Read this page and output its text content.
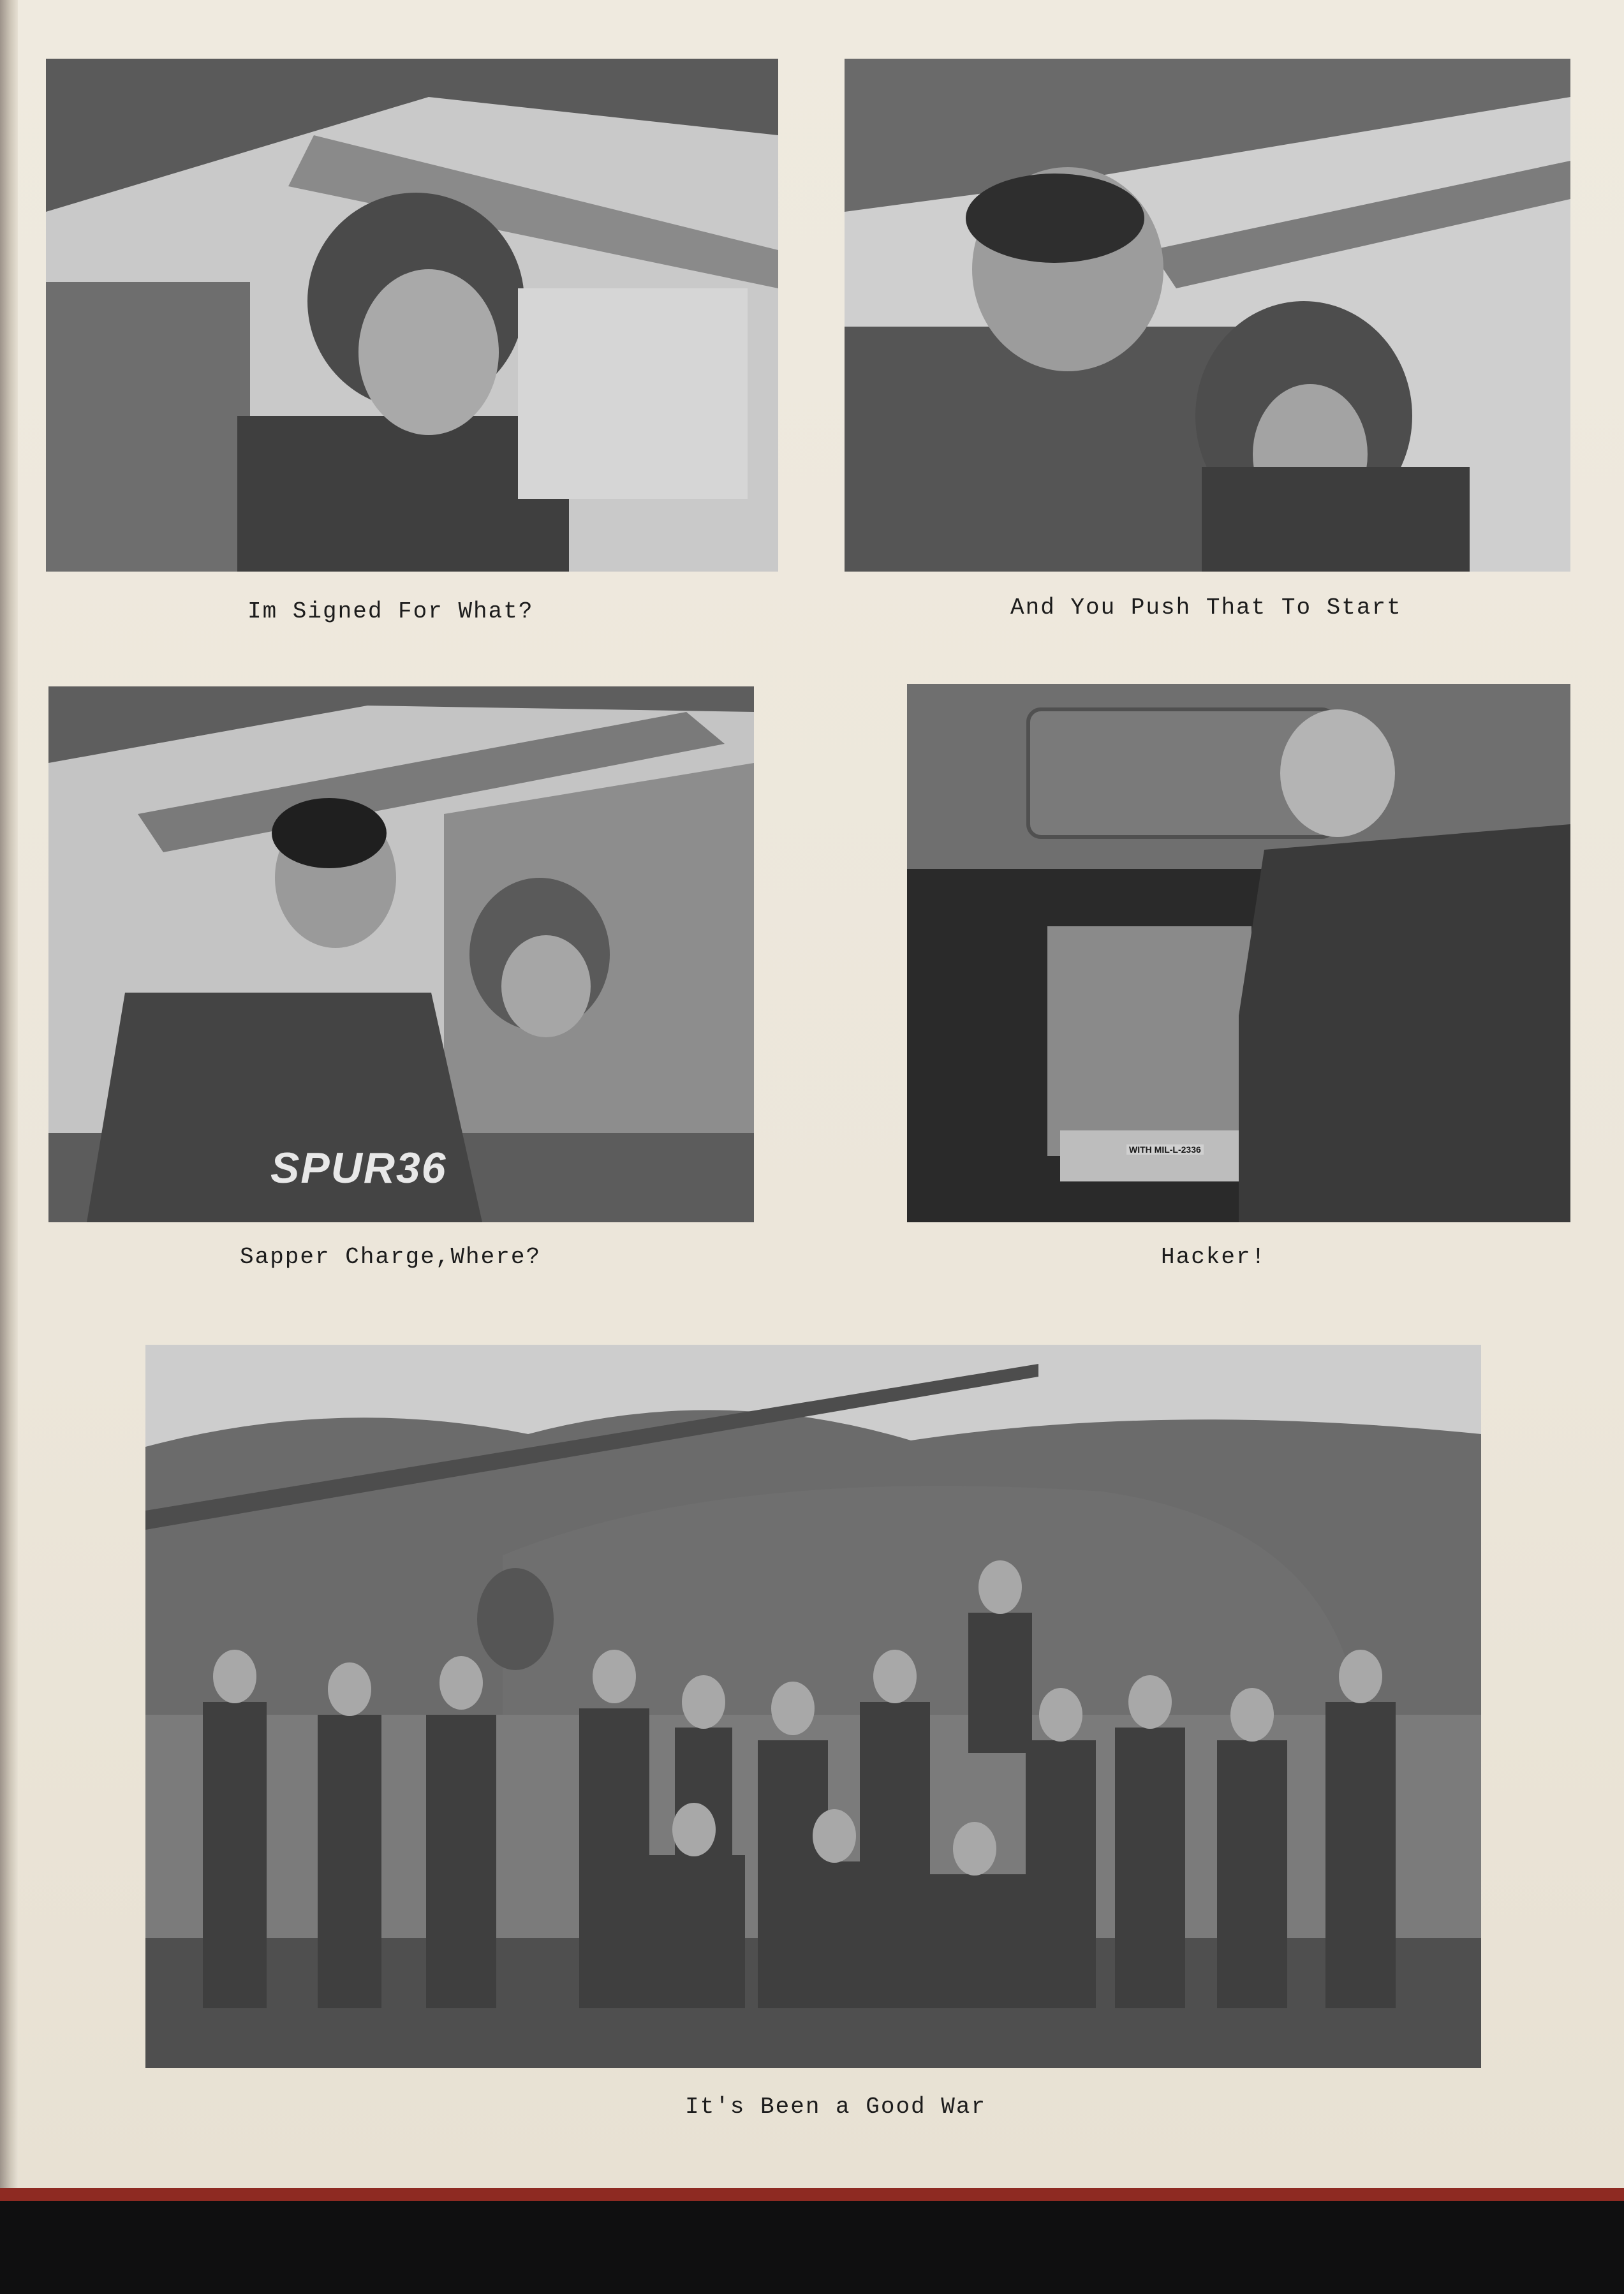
Im Signed For What?	And You Push That To Start
SPUR36
Sapper Charge,Where?
WITH MIL-L-2336
Hacker!
It's Been a Good War
